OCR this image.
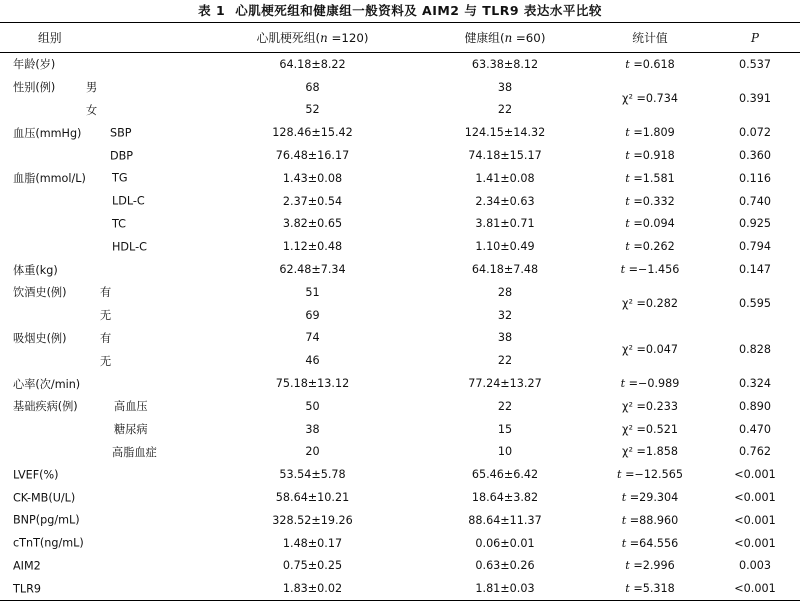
表 1 心肌梗死组和健康组一般资料及 AIM2 与 TLR9 表达水平比较
组别	心肌梗死组(n =120)	健康组(n =60)	统计值	P

年龄(岁)	64.18±8.22	63.38±8.12	t =0.618	0.537

性别(例) 男	68	38	χ² =0.734	0.391

女	52	22		

血压(mmHg) SBP	128.46±15.42	124.15±14.32	t =1.809	0.072

DBP	76.48±16.17	74.18±15.17	t =0.918	0.360

血脂(mmol/L) TG	1.43±0.08	1.41±0.08	t =1.581	0.116

LDL-C	2.37±0.54	2.34±0.63	t =0.332	0.740

TC	3.82±0.65	3.81±0.71	t =0.094	0.925

HDL-C	1.12±0.48	1.10±0.49	t =0.262	0.794

体重(kg)	62.48±7.34	64.18±7.48	t =−1.456	0.147

饮酒史(例) 有	51	28	χ² =0.282	0.595

无	69	32		

吸烟史(例) 有	74	38	χ² =0.047	0.828

无	46	22		

心率(次/min)	75.18±13.12	77.24±13.27	t =−0.989	0.324

基础疾病(例) 高血压	50	22	χ² =0.233	0.890

糖尿病	38	15	χ² =0.521	0.470

高脂血症	20	10	χ² =1.858	0.762

LVEF(%)	53.54±5.78	65.46±6.42	t =−12.565	<0.001

CK-MB(U/L)	58.64±10.21	18.64±3.82	t =29.304	<0.001

BNP(pg/mL)	328.52±19.26	88.64±11.37	t =88.960	<0.001

cTnT(ng/mL)	1.48±0.17	0.06±0.01	t =64.556	<0.001

AIM2	0.75±0.25	0.63±0.26	t =2.996	0.003

TLR9	1.83±0.02	1.81±0.03	t =5.318	<0.001
